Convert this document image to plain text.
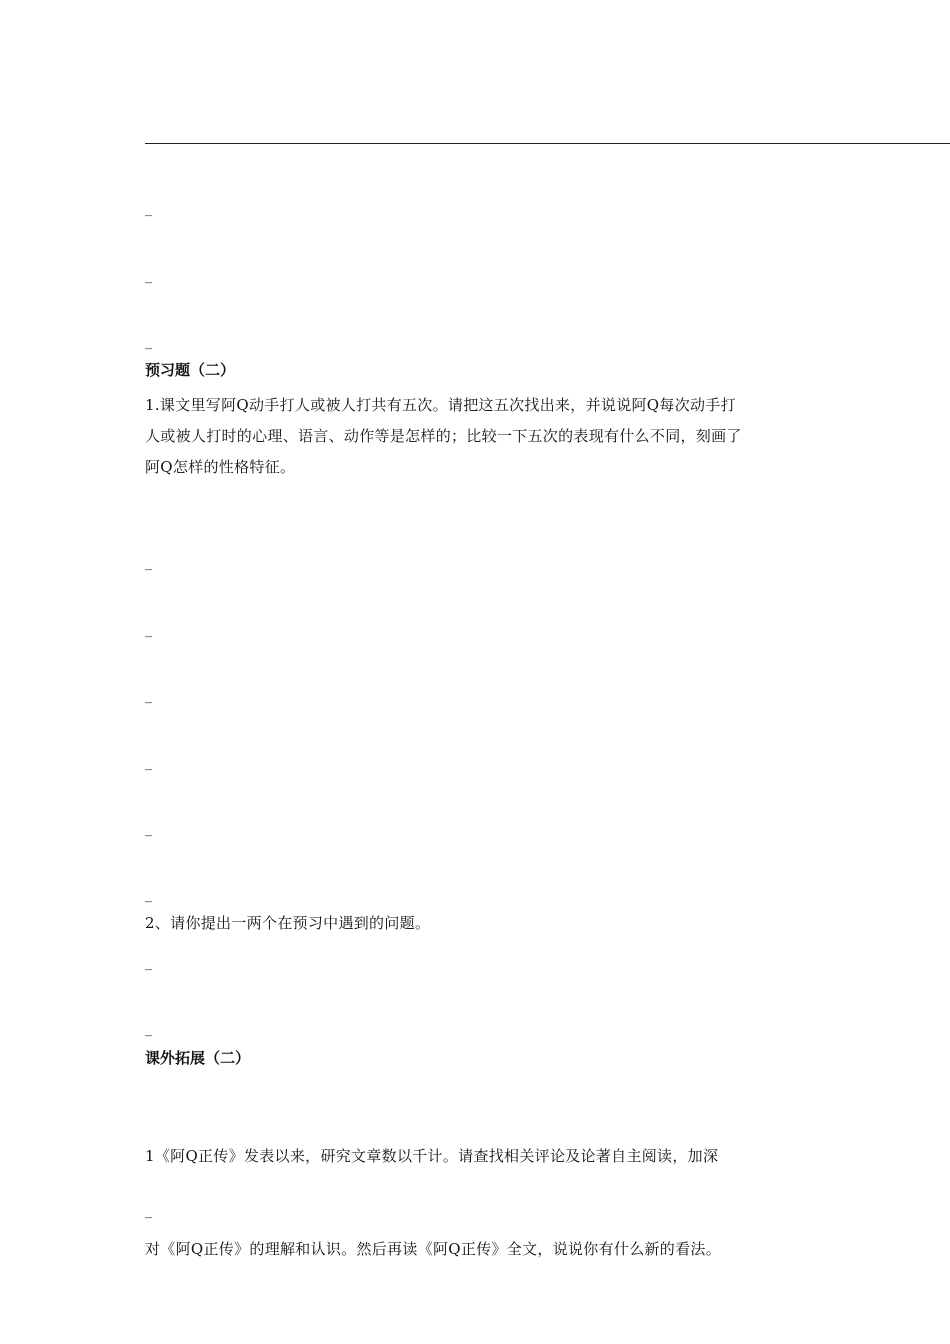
_
_
_
预习题（二）

1.课文里写阿Q动手打人或被人打共有五次。请把这五次找出来，并说说阿Q每次动手打
人或被人打时的心理、语言、动作等是怎样的；比较一下五次的表现有什么不同，刻画了
阿Q怎样的性格特征。

_
_
_
_
_
_

2、请你提出一两个在预习中遇到的问题。

_
_
课外拓展（二）

1《阿Q正传》发表以来，研究文章数以千计。请查找相关评论及论著自主阅读，加深

对《阿Q正传》的理解和认识。然后再读《阿Q正传》全文，说说你有什么新的看法。

_
